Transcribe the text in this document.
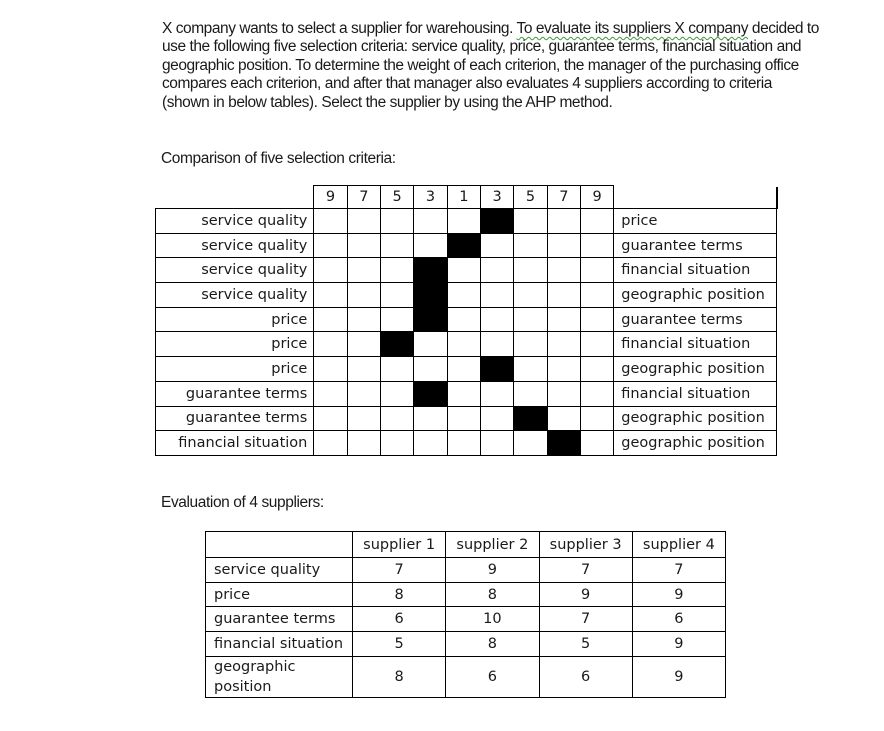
X company wants to select a supplier for warehousing. To evaluate its suppliers X company decided to use the following five selection criteria: service quality, price, guarantee terms, financial situation and geographic position. To determine the weight of each criterion, the manager of the purchasing office compares each criterion, and after that manager also evaluates 4 suppliers according to criteria (shown in below tables). Select the supplier by using the AHP method.

Comparison of five selection criteria:

	9	7	5	3	1	3	5	7	9	
service quality										price
service quality										guarantee terms
service quality										financial situation
service quality										geographic position
price										guarantee terms
price										financial situation
price										geographic position
guarantee terms										financial situation
guarantee terms										geographic position
financial situation										geographic position

Evaluation of 4 suppliers:

	supplier 1	supplier 2	supplier 3	supplier 4
service quality	7	9	7	7
price	8	8	9	9
guarantee terms	6	10	7	6
financial situation	5	8	5	9
geographic position	8	6	6	9
